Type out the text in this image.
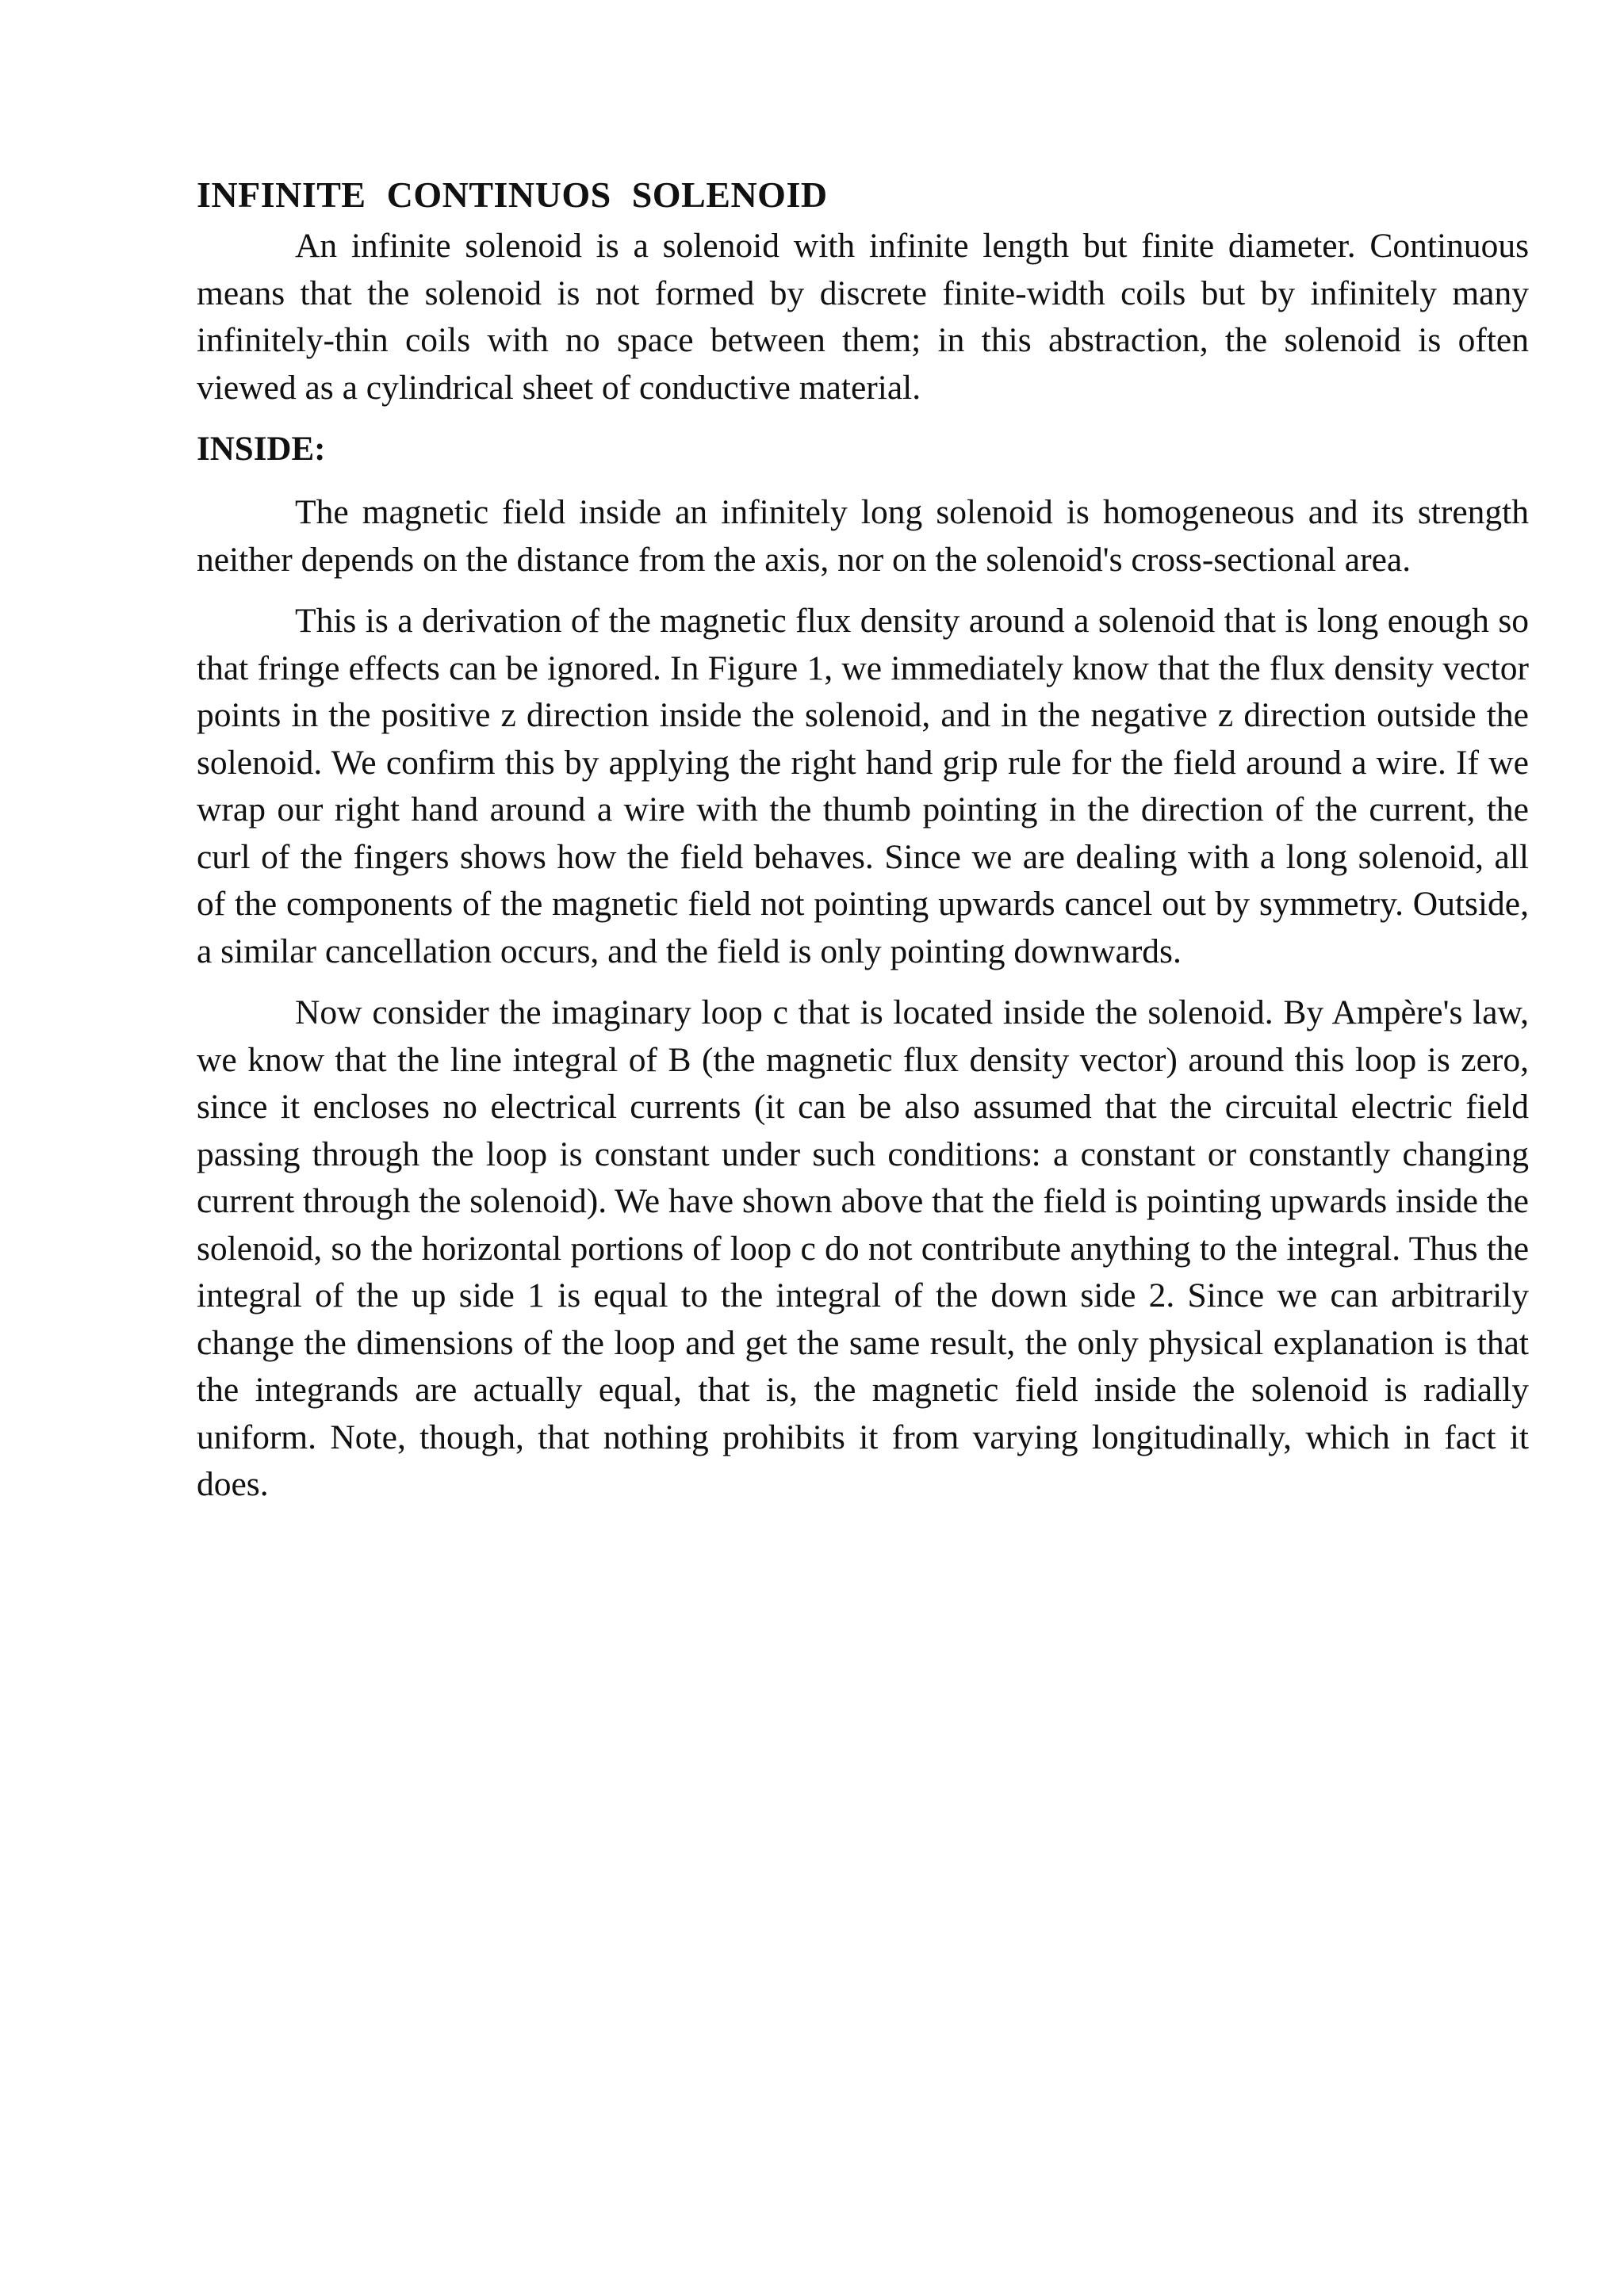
INFINITE CONTINUOS SOLENOID

An infinite solenoid is a solenoid with infinite length but finite diameter. Continuous means that the solenoid is not formed by discrete finite-width coils but by infinitely many infinitely-thin coils with no space between them; in this abstraction, the solenoid is often viewed as a cylindrical sheet of conductive material.

INSIDE:

The magnetic field inside an infinitely long solenoid is homogeneous and its strength neither depends on the distance from the axis, nor on the solenoid's cross-sectional area.

This is a derivation of the magnetic flux density around a solenoid that is long enough so that fringe effects can be ignored. In Figure 1, we immediately know that the flux density vector points in the positive z direction inside the solenoid, and in the negative z direction outside the solenoid. We confirm this by applying the right hand grip rule for the field around a wire. If we wrap our right hand around a wire with the thumb pointing in the direction of the current, the curl of the fingers shows how the field behaves. Since we are dealing with a long solenoid, all of the components of the magnetic field not pointing upwards cancel out by symmetry. Outside, a similar cancellation occurs, and the field is only pointing downwards.

Now consider the imaginary loop c that is located inside the solenoid. By Ampère's law, we know that the line integral of B (the magnetic flux density vector) around this loop is zero, since it encloses no electrical currents (it can be also assumed that the circuital electric field passing through the loop is constant under such conditions: a constant or constantly changing current through the solenoid). We have shown above that the field is pointing upwards inside the solenoid, so the horizontal portions of loop c do not contribute anything to the integral. Thus the integral of the up side 1 is equal to the integral of the down side 2. Since we can arbitrarily change the dimensions of the loop and get the same result, the only physical explanation is that the integrands are actually equal, that is, the magnetic field inside the solenoid is radially uniform. Note, though, that nothing prohibits it from varying longitudinally, which in fact it does.
